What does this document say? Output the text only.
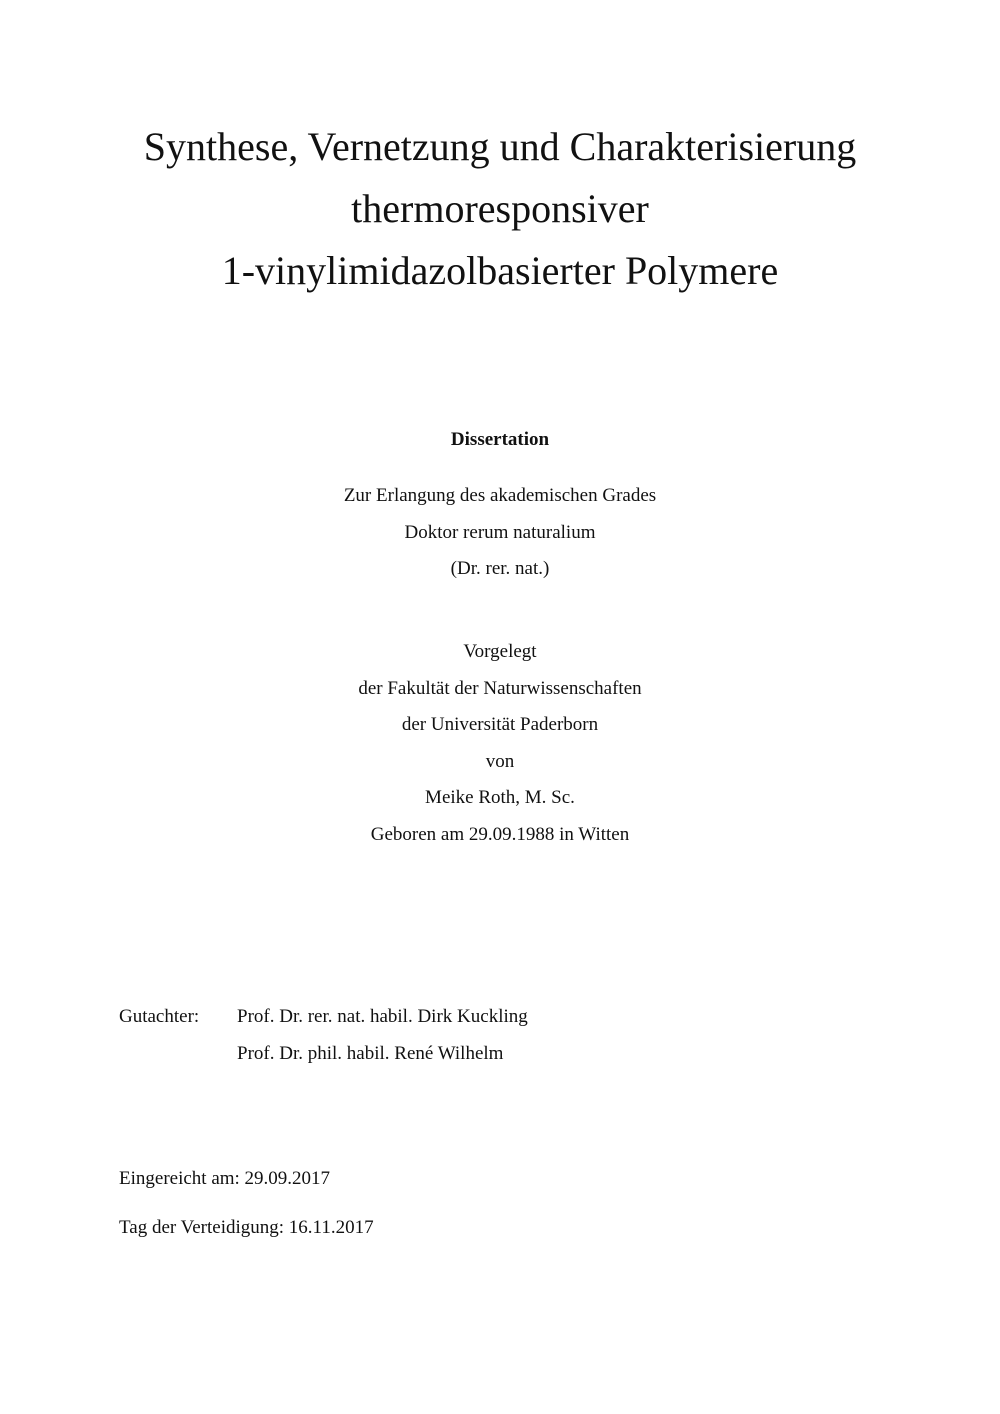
Synthese, Vernetzung und Charakterisierung
thermoresponsiver
1-vinylimidazolbasierter Polymere
Dissertation
Zur Erlangung des akademischen Grades
Doktor rerum naturalium
(Dr. rer. nat.)
Vorgelegt
der Fakultät der Naturwissenschaften
der Universität Paderborn
von
Meike Roth, M. Sc.
Geboren am 29.09.1988 in Witten
Gutachter: Prof. Dr. rer. nat. habil. Dirk Kuckling
Prof. Dr. phil. habil. René Wilhelm
Eingereicht am: 29.09.2017
Tag der Verteidigung: 16.11.2017
